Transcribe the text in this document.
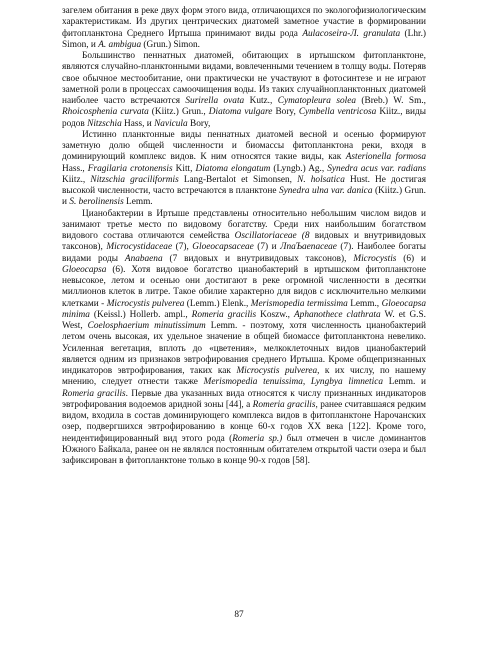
загелем обитания в реке двух форм этого вида, отличающихся по экологофизиологическим характеристикам. Из других центрических диатомей заметное участие в формировании фитопланктона Среднего Иртыша принимают виды рода Aulacoseira-Л. granulata (Lhr.) Simon, и A. ambigua (Grun.) Simon.

Большинство пеннатных диатомей, обитающих в иртышском фитопланктоне, являются случайно-планктонными видами, вовлеченными течением в толщу воды. Потеряв свое обычное местообитание, они практически не участвуют в фотосинтезе и не играют заметной роли в процессах самоочищения воды. Из таких случайнопланктонных диатомей наиболее часто встречаются Surirella ovata Kutz., Cymatopleura solea (Breb.) W. Sm., Rhoicosphenia curvata (Kiitz.) Grun., Diatoma vulgare Bory, Cymbella ventricosa Kiitz., виды родов Nitzschia Hass, и Navicula Bory,

Истинно планктонные виды пеннатных диатомей весной и осенью формируют заметную долю общей численности и биомассы фитопланктона реки, входя в доминирующий комплекс видов. К ним относятся такие виды, как Asterionella formosa Hass., Fragilaria crotonensis Kitt, Diatoma elongatum (Lyngb.) Ag., Synedra acus var. radians Kiitz., Nitzschia graciliformis Lang-Bertalot et Simonsen, N. holsatica Hust. Не достигая высокой численности, часто встречаются в планктоне Synedra ulna var. danica (Kiitz.) Grun. и S. berolinensis Lemm.

Цианобактерии в Иртыше представлены относительно небольшим числом видов и занимают третье место по видовому богатству. Среди них наибольшим богатством видового состава отличаются семейства Oscillatoriaceae (8 видовых и внутривидовых таксонов), Microcystidaceae (7), Gloeocapsaceae (7) и ЛпаЪаепасеае (7). Наиболее богаты видами роды Anabaena (7 видовых и внутривидовых таксонов), Microcystis (6) и Gloeocapsa (6). Хотя видовое богатство цианобактерий в иртышском фитопланктоне невысокое, летом и осенью они достигают в реке огромной численности в десятки миллионов клеток в литре. Такое обилие характерно для видов с исключительно мелкими клетками - Microcystis pulverea (Lemm.) Elenk., Merismopedia termissima Lemm., Gloeocapsa minima (Keissl.) Hollerb. ampl., Romeria gracilis Koszw., Aphanothece clathrata W. et G.S. West, Coelosphaerium minutissimum Lemm. - поэтому, хотя численность цианобактерий летом очень высокая, их удельное значение в общей биомассе фитопланктона невелико. Усиленная вегетация, вплоть до «цветения», мелкоклеточных видов цианобактерий является одним из признаков эвтрофирования среднего Иртыша. Кроме общепризнанных индикаторов эвтрофирования, таких как Microcystis pulverea, к их числу, по нашему мнению, следует отнести также Merismopedia tenuissima, Lyngbya limnetica Lemm. и Romeria gracilis. Первые два указанных вида относятся к числу признанных индикаторов эвтрофирования водоемов аридной зоны [44], а Romeria gracilis, ранее считавшаяся редким видом, входила в состав доминирующего комплекса видов в фитопланктоне Нарочанских озер, подвергшихся эвтрофированию в конце 60-х годов XX века [122]. Кроме того, неидентифицированный вид этого рода (Romeria sp.) был отмечен в числе доминантов Южного Байкала, ранее он не являлся постоянным обитателем открытой части озера и был зафиксирован в фитопланктоне только в конце 90-х годов [58].

87
